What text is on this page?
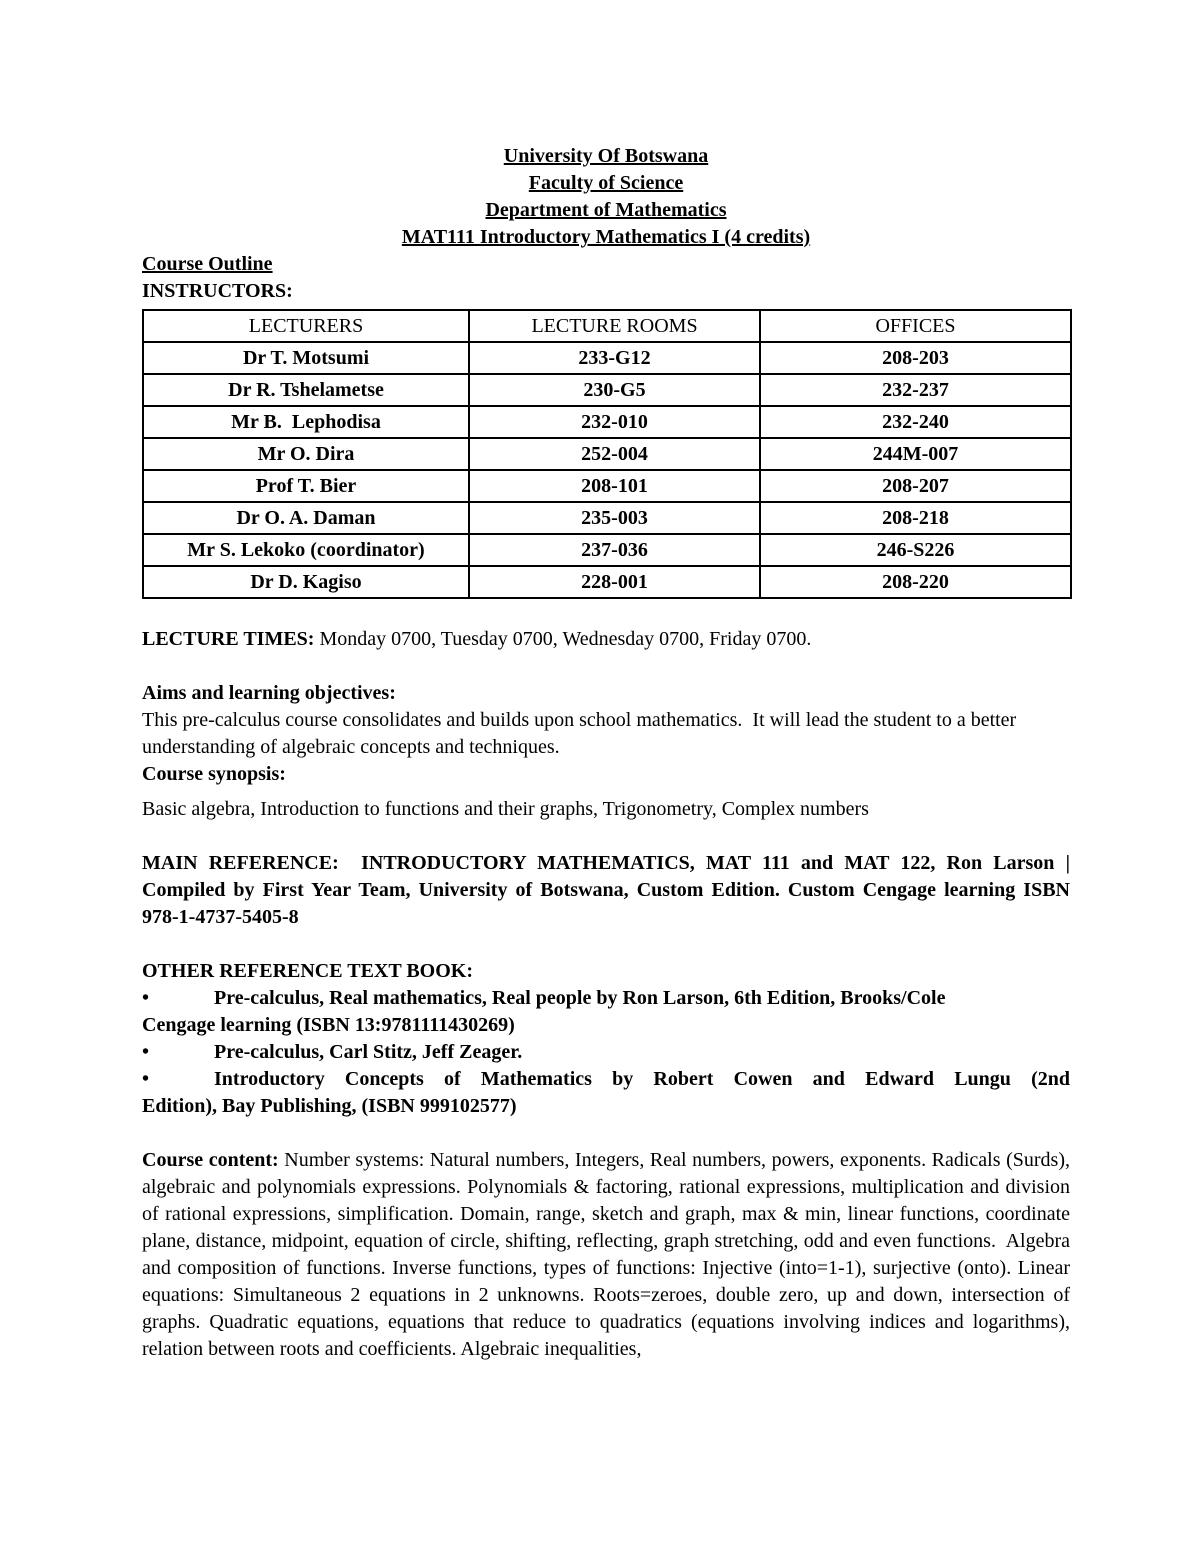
University Of Botswana

Faculty of Science

Department of Mathematics

MAT111 Introductory Mathematics I (4 credits)

Course Outline

INSTRUCTORS:

LECTURERS	LECTURE ROOMS	OFFICES
Dr T. Motsumi	233-G12	208-203
Dr R. Tshelametse	230-G5	232-237
Mr B.  Lephodisa	232-010	232-240
Mr O. Dira	252-004	244M-007
Prof T. Bier	208-101	208-207
Dr O. A. Daman	235-003	208-218
Mr S. Lekoko (coordinator)	237-036	246-S226
Dr D. Kagiso	228-001	208-220

LECTURE TIMES: Monday 0700, Tuesday 0700, Wednesday 0700, Friday 0700.

Aims and learning objectives:

This pre-calculus course consolidates and builds upon school mathematics.  It will lead the student to a better understanding of algebraic concepts and techniques.

Course synopsis:

Basic algebra, Introduction to functions and their graphs, Trigonometry, Complex numbers

MAIN REFERENCE:  INTRODUCTORY MATHEMATICS, MAT 111 and MAT 122, Ron Larson | Compiled by First Year Team, University of Botswana, Custom Edition. Custom Cengage learning ISBN 978-1-4737-5405-8

OTHER REFERENCE TEXT BOOK:

•	Pre-calculus, Real mathematics, Real people by Ron Larson, 6th Edition, Brooks/Cole

Cengage learning (ISBN 13:9781111430269)

•	Pre-calculus, Carl Stitz, Jeff Zeager.
•	Introductory Concepts of Mathematics by Robert Cowen and Edward Lungu (2nd

Edition), Bay Publishing, (ISBN 999102577)

Course content: Number systems: Natural numbers, Integers, Real numbers, powers, exponents. Radicals (Surds), algebraic and polynomials expressions. Polynomials & factoring, rational expressions, multiplication and division of rational expressions, simplification. Domain, range, sketch and graph, max & min, linear functions, coordinate plane, distance, midpoint, equation of circle, shifting, reflecting, graph stretching, odd and even functions.  Algebra and composition of functions. Inverse functions, types of functions: Injective (into=1-1), surjective (onto). Linear equations: Simultaneous 2 equations in 2 unknowns. Roots=zeroes, double zero, up and down, intersection of graphs. Quadratic equations, equations that reduce to quadratics (equations involving indices and logarithms), relation between roots and coefficients. Algebraic inequalities,
